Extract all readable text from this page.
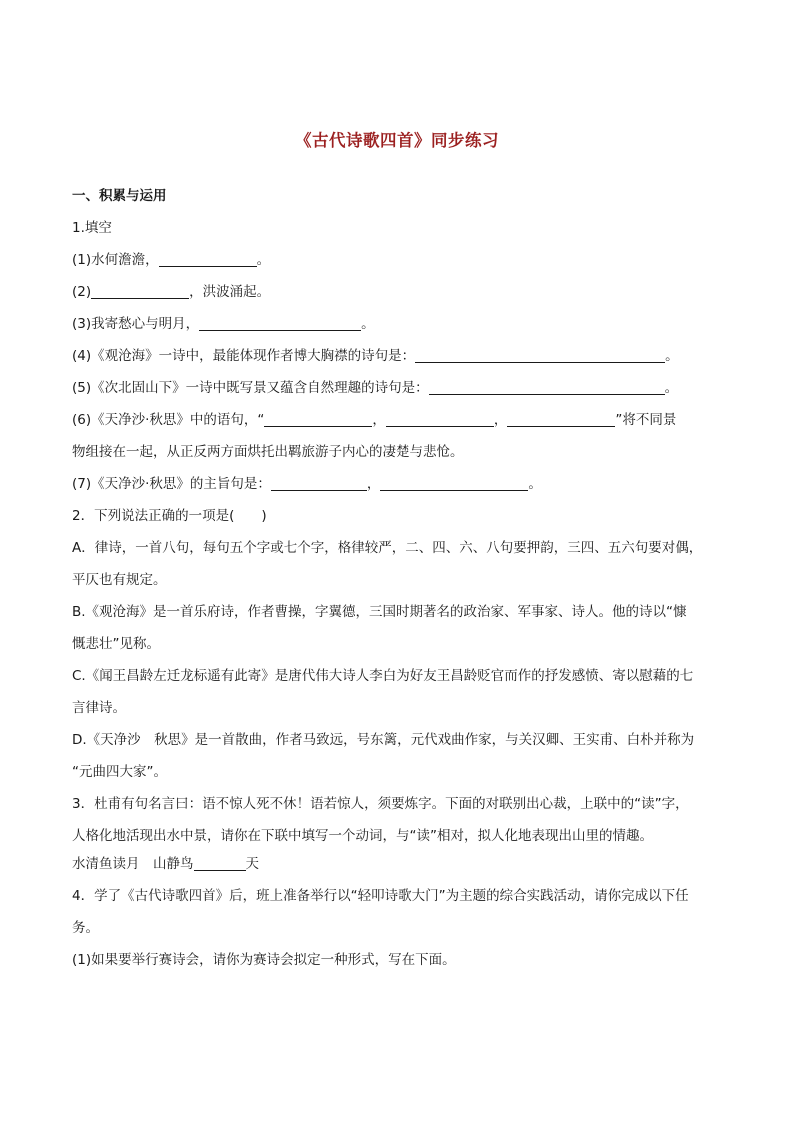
《古代诗歌四首》同步练习
一、积累与运用
1.填空
(1)水何澹澹，	。
(2)	，洪波涌起。
(3)我寄愁心与明月，	。
(4)《观沧海》一诗中，最能体现作者博大胸襟的诗句是：	。
(5)《次北固山下》一诗中既写景又蕴含自然理趣的诗句是：	。
(6)《天净沙·秋思》中的语句，“	，	，	”将不同景
物组接在一起，从正反两方面烘托出羁旅游子内心的凄楚与悲怆。
(7)《天净沙·秋思》的主旨句是：	，	。
2．下列说法正确的一项是(　　)
A．律诗，一首八句，每句五个字或七个字，格律较严，二、四、六、八句要押韵，三四、五六句要对偶，
平仄也有规定。
B.《观沧海》是一首乐府诗，作者曹操，字翼德，三国时期著名的政治家、军事家、诗人。他的诗以“慷
慨悲壮”见称。
C.《闻王昌龄左迁龙标遥有此寄》是唐代伟大诗人李白为好友王昌龄贬官而作的抒发感愤、寄以慰藉的七
言律诗。
D.《天净沙　秋思》是一首散曲，作者马致远，号东篱，元代戏曲作家，与关汉卿、王实甫、白朴并称为
“元曲四大家”。
3．杜甫有句名言曰：语不惊人死不休！语若惊人，须要炼字。下面的对联别出心裁，上联中的“读”字，
人格化地活现出水中景，请你在下联中填写一个动词，与“读”相对，拟人化地表现出山里的情趣。
水清鱼读月　山静鸟	天
4．学了《古代诗歌四首》后，班上准备举行以“轻叩诗歌大门”为主题的综合实践活动，请你完成以下任
务。
(1)如果要举行赛诗会，请你为赛诗会拟定一种形式，写在下面。
